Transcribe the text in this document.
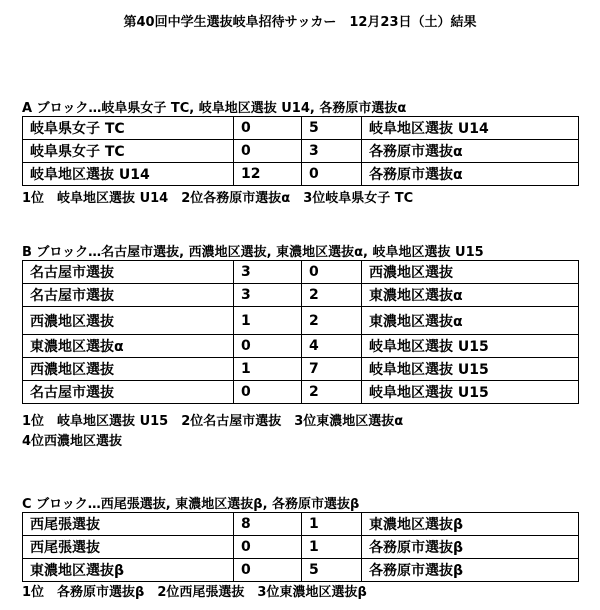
第40回中学生選抜岐阜招待サッカー　12月23日（土）結果
A ブロック…岐阜県女子 TC, 岐阜地区選抜 U14, 各務原市選抜α
岐阜県女子 TC	0	5	岐阜地区選抜 U14
岐阜県女子 TC	0	3	各務原市選抜α
岐阜地区選抜 U14	12	0	各務原市選抜α
1位　岐阜地区選抜 U14　2位各務原市選抜α　3位岐阜県女子 TC
B ブロック…名古屋市選抜, 西濃地区選抜, 東濃地区選抜α, 岐阜地区選抜 U15
名古屋市選抜	3	0	西濃地区選抜
名古屋市選抜	3	2	東濃地区選抜α
西濃地区選抜	1	2	東濃地区選抜α
東濃地区選抜α	0	4	岐阜地区選抜 U15
西濃地区選抜	1	7	岐阜地区選抜 U15
名古屋市選抜	0	2	岐阜地区選抜 U15
1位　岐阜地区選抜 U15　2位名古屋市選抜　3位東濃地区選抜α
4位西濃地区選抜
C ブロック…西尾張選抜, 東濃地区選抜β, 各務原市選抜β
西尾張選抜	8	1	東濃地区選抜β
西尾張選抜	0	1	各務原市選抜β
東濃地区選抜β	0	5	各務原市選抜β
1位　各務原市選抜β　2位西尾張選抜　3位東濃地区選抜β
